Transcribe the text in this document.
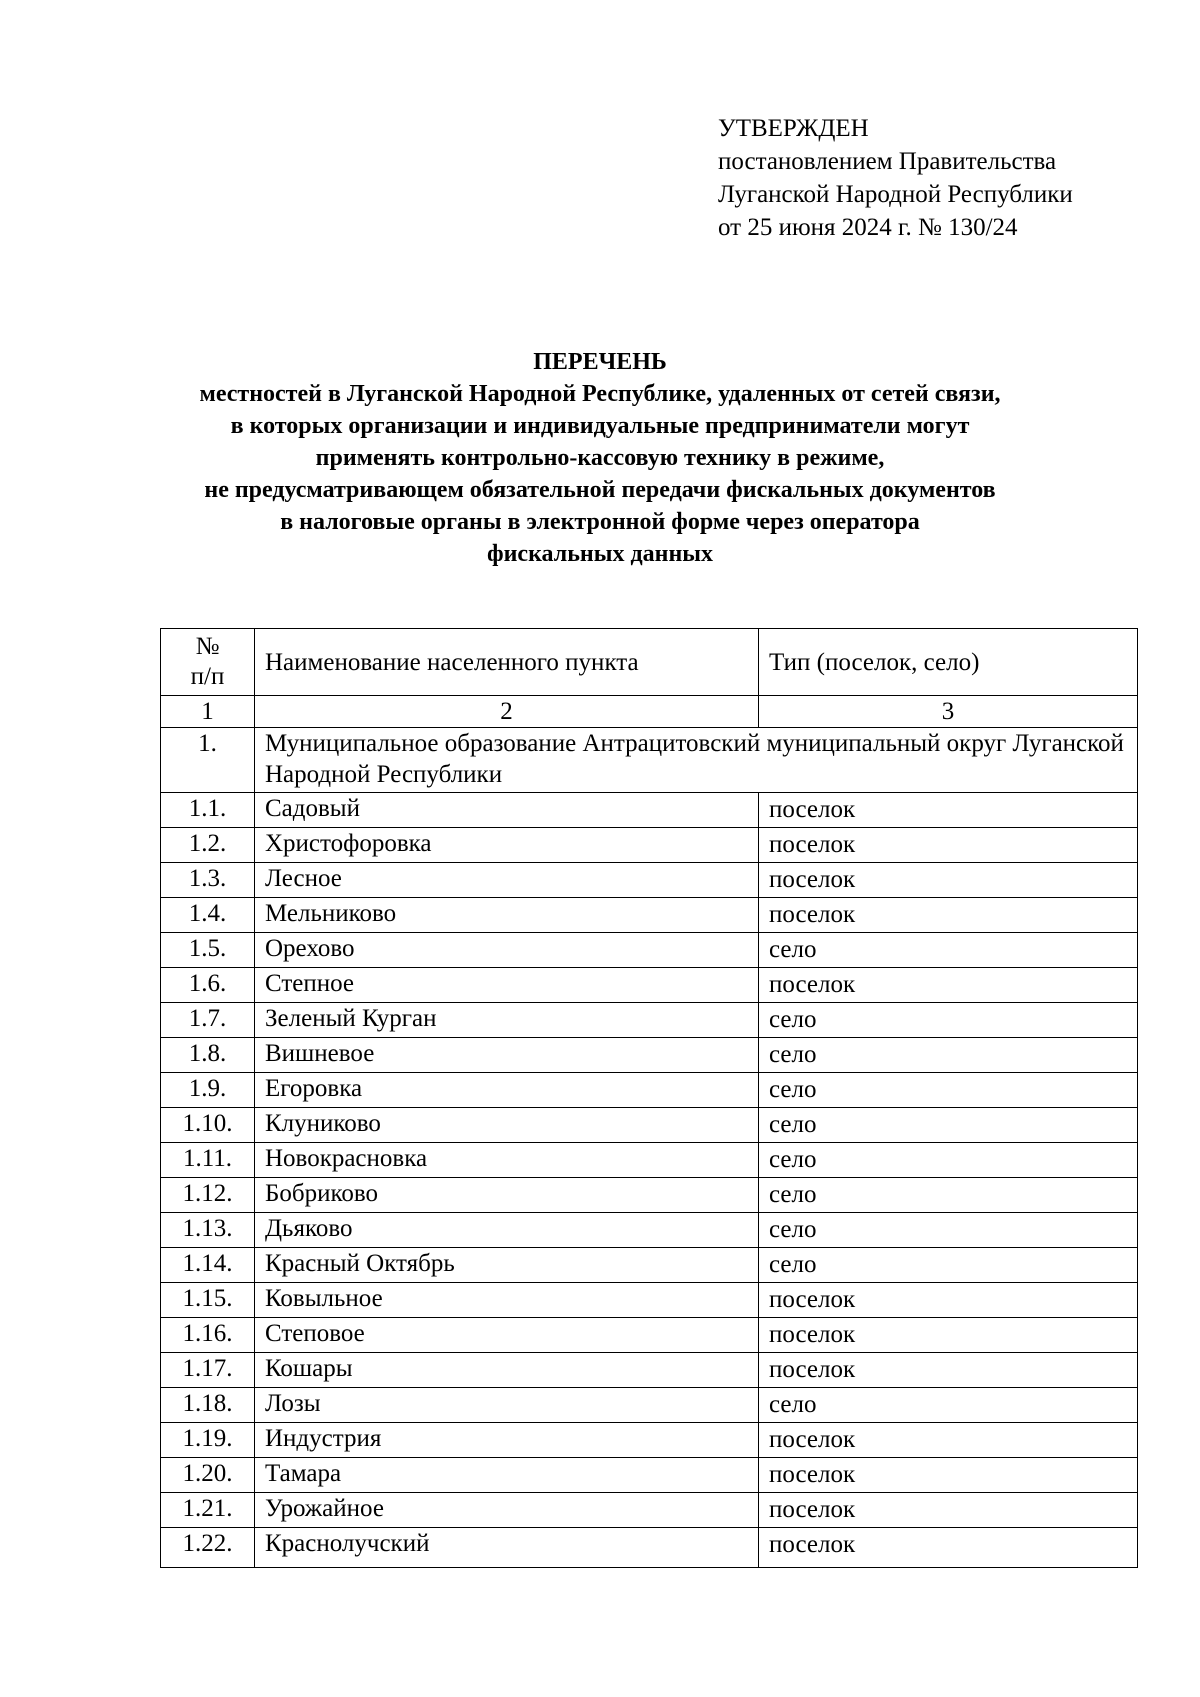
УТВЕРЖДЕН
постановлением Правительства
Луганской Народной Республики
от 25 июня 2024 г. № 130/24
ПЕРЕЧЕНЬ
местностей в Луганской Народной Республике, удаленных от сетей связи,
в которых организации и индивидуальные предприниматели могут
применять контрольно-кассовую технику в режиме,
не предусматривающем обязательной передачи фискальных документов
в налоговые органы в электронной форме через оператора
фискальных данных
№
п/п	Наименование населенного пункта	Тип (поселок, село)
1	2	3
1.	Муниципальное образование Антрацитовский муниципальный округ Луганской Народной Республики	
1.1.	Садовый	поселок
1.2.	Христофоровка	поселок
1.3.	Лесное	поселок
1.4.	Мельниково	поселок
1.5.	Орехово	село
1.6.	Степное	поселок
1.7.	Зеленый Курган	село
1.8.	Вишневое	село
1.9.	Егоровка	село
1.10.	Клуниково	село
1.11.	Новокрасновка	село
1.12.	Бобриково	село
1.13.	Дьяково	село
1.14.	Красный Октябрь	село
1.15.	Ковыльное	поселок
1.16.	Степовое	поселок
1.17.	Кошары	поселок
1.18.	Лозы	село
1.19.	Индустрия	поселок
1.20.	Тамара	поселок
1.21.	Урожайное	поселок
1.22.	Краснолучский	поселок
